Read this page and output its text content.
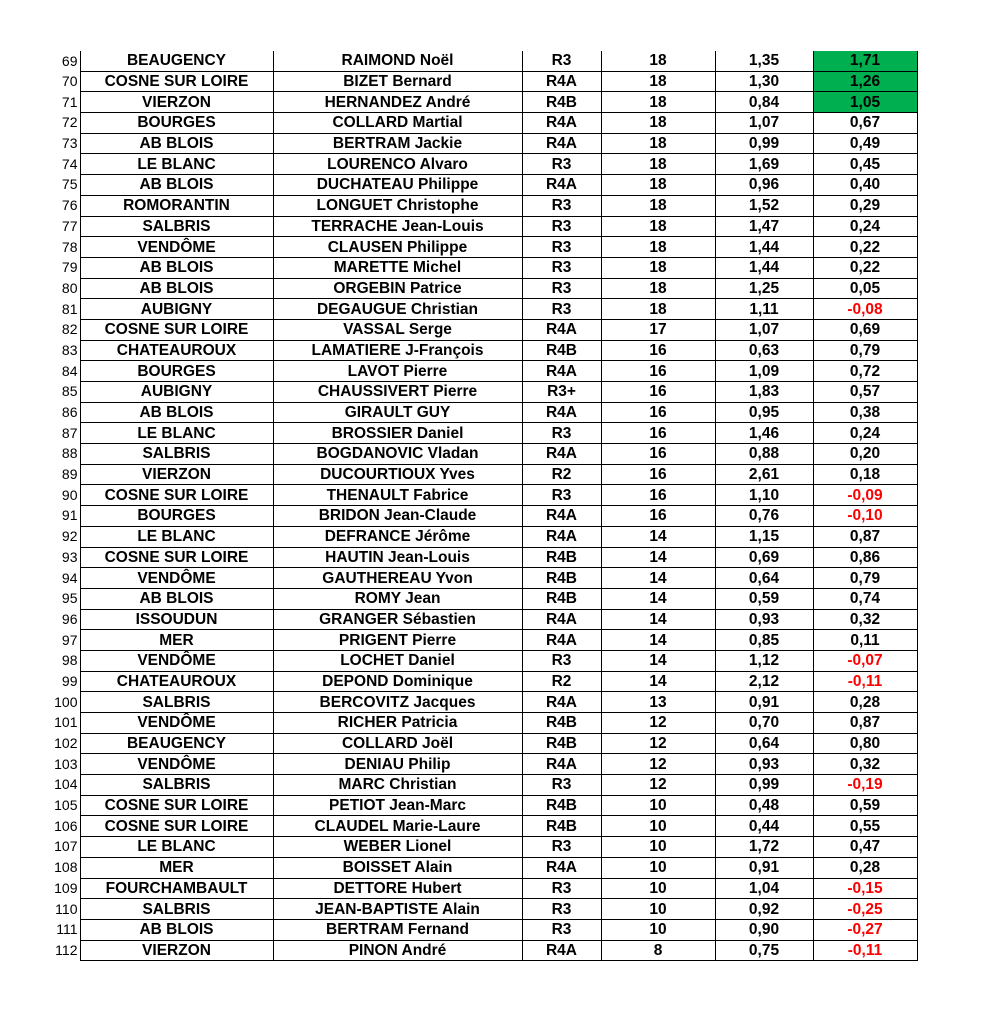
69	BEAUGENCY	RAIMOND Noël	R3	18	1,35	1,71
70	COSNE SUR LOIRE	BIZET Bernard	R4A	18	1,30	1,26
71	VIERZON	HERNANDEZ André	R4B	18	0,84	1,05
72	BOURGES	COLLARD Martial	R4A	18	1,07	0,67
73	AB BLOIS	BERTRAM Jackie	R4A	18	0,99	0,49
74	LE BLANC	LOURENCO Alvaro	R3	18	1,69	0,45
75	AB BLOIS	DUCHATEAU Philippe	R4A	18	0,96	0,40
76	ROMORANTIN	LONGUET Christophe	R3	18	1,52	0,29
77	SALBRIS	TERRACHE Jean-Louis	R3	18	1,47	0,24
78	VENDÔME	CLAUSEN Philippe	R3	18	1,44	0,22
79	AB BLOIS	MARETTE Michel	R3	18	1,44	0,22
80	AB BLOIS	ORGEBIN Patrice	R3	18	1,25	0,05
81	AUBIGNY	DEGAUGUE Christian	R3	18	1,11	-0,08
82	COSNE SUR LOIRE	VASSAL Serge	R4A	17	1,07	0,69
83	CHATEAUROUX	LAMATIERE J-François	R4B	16	0,63	0,79
84	BOURGES	LAVOT Pierre	R4A	16	1,09	0,72
85	AUBIGNY	CHAUSSIVERT Pierre	R3+	16	1,83	0,57
86	AB BLOIS	GIRAULT GUY	R4A	16	0,95	0,38
87	LE BLANC	BROSSIER Daniel	R3	16	1,46	0,24
88	SALBRIS	BOGDANOVIC Vladan	R4A	16	0,88	0,20
89	VIERZON	DUCOURTIOUX Yves	R2	16	2,61	0,18
90	COSNE SUR LOIRE	THENAULT Fabrice	R3	16	1,10	-0,09
91	BOURGES	BRIDON Jean-Claude	R4A	16	0,76	-0,10
92	LE BLANC	DEFRANCE Jérôme	R4A	14	1,15	0,87
93	COSNE SUR LOIRE	HAUTIN Jean-Louis	R4B	14	0,69	0,86
94	VENDÔME	GAUTHEREAU Yvon	R4B	14	0,64	0,79
95	AB BLOIS	ROMY Jean	R4B	14	0,59	0,74
96	ISSOUDUN	GRANGER Sébastien	R4A	14	0,93	0,32
97	MER	PRIGENT Pierre	R4A	14	0,85	0,11
98	VENDÔME	LOCHET Daniel	R3	14	1,12	-0,07
99	CHATEAUROUX	DEPOND Dominique	R2	14	2,12	-0,11
100	SALBRIS	BERCOVITZ Jacques	R4A	13	0,91	0,28
101	VENDÔME	RICHER Patricia	R4B	12	0,70	0,87
102	BEAUGENCY	COLLARD Joël	R4B	12	0,64	0,80
103	VENDÔME	DENIAU Philip	R4A	12	0,93	0,32
104	SALBRIS	MARC Christian	R3	12	0,99	-0,19
105	COSNE SUR LOIRE	PETIOT Jean-Marc	R4B	10	0,48	0,59
106	COSNE SUR LOIRE	CLAUDEL Marie-Laure	R4B	10	0,44	0,55
107	LE BLANC	WEBER Lionel	R3	10	1,72	0,47
108	MER	BOISSET Alain	R4A	10	0,91	0,28
109	FOURCHAMBAULT	DETTORE Hubert	R3	10	1,04	-0,15
110	SALBRIS	JEAN-BAPTISTE Alain	R3	10	0,92	-0,25
111	AB BLOIS	BERTRAM Fernand	R3	10	0,90	-0,27
112	VIERZON	PINON André	R4A	8	0,75	-0,11
